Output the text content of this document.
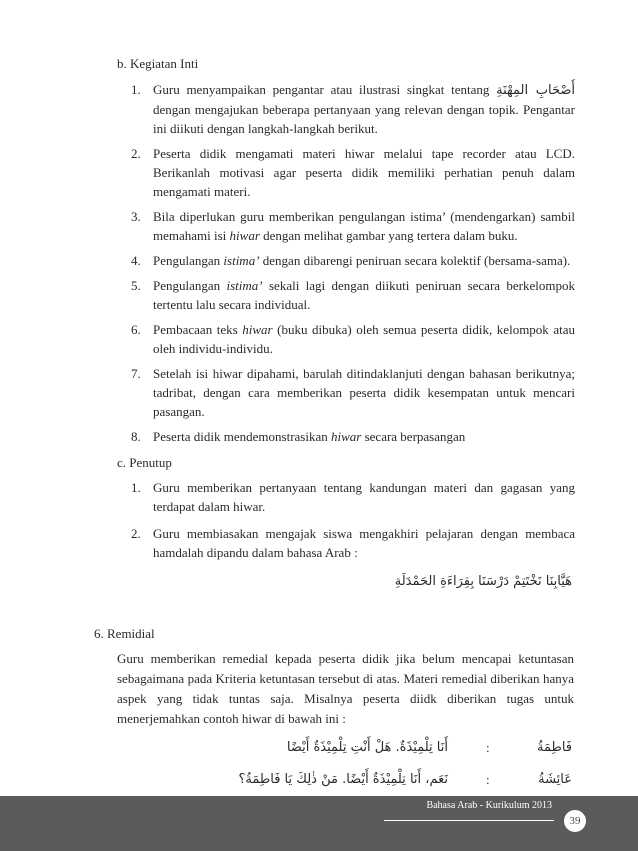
b. Kegiatan Inti
1. Guru menyampaikan pengantar atau ilustrasi singkat tentang أَصْحَابِ المِهْنَةِ dengan mengajukan beberapa pertanyaan yang relevan dengan topik. Pengantar ini diikuti dengan langkah-langkah berikut.
2. Peserta didik mengamati materi hiwar melalui tape recorder atau LCD. Berikanlah motivasi agar peserta didik memiliki perhatian penuh dalam mengamati materi.
3. Bila diperlukan guru memberikan pengulangan istima’ (mendengarkan) sambil memahami isi hiwar dengan melihat gambar yang tertera dalam buku.
4. Pengulangan istima’ dengan dibarengi peniruan secara kolektif (bersama-sama).
5. Pengulangan istima’ sekali lagi dengan diikuti peniruan secara berkelompok tertentu lalu secara individual.
6. Pembacaan teks hiwar (buku dibuka) oleh semua peserta didik, kelompok atau oleh individu-individu.
7. Setelah isi hiwar dipahami, barulah ditindaklanjuti dengan bahasan berikutnya; tadribat, dengan cara memberikan peserta didik kesempatan untuk mencari pasangan.
8. Peserta didik mendemonstrasikan hiwar secara berpasangan
c. Penutup
1. Guru memberikan pertanyaan tentang kandungan materi dan gagasan yang terdapat dalam hiwar.
2. Guru membiasakan mengajak siswa mengakhiri pelajaran dengan membaca hamdalah dipandu dalam bahasa Arab :
هَيَّابِنَا نَخْتَتِمْ دَرْسَنَا بِقِرَاءَةِ الحَمْدَلَةِ
6. Remidial
Guru memberikan remedial kepada peserta didik jika belum mencapai ketuntasan sebagaimana pada Kriteria ketuntasan tersebut di atas. Materi remedial diberikan hanya aspek yang tidak tuntas saja. Misalnya peserta diidk diberikan tugas untuk menerjemahkan contoh hiwar di bawah ini :
فَاطِمَةُ
:
أَنَا تِلْمِيْذَةٌ. هَلْ أَنْتِ تِلْمِيْذَةٌ أَيْضًا
عَائِشَةُ
:
نَعَم، أَنَا تِلْمِيْذَةٌ أَيْضًا. مَنْ ذٰلِكَ يَا فَاطِمَةُ؟
Bahasa Arab - Kurikulum 2013
39
